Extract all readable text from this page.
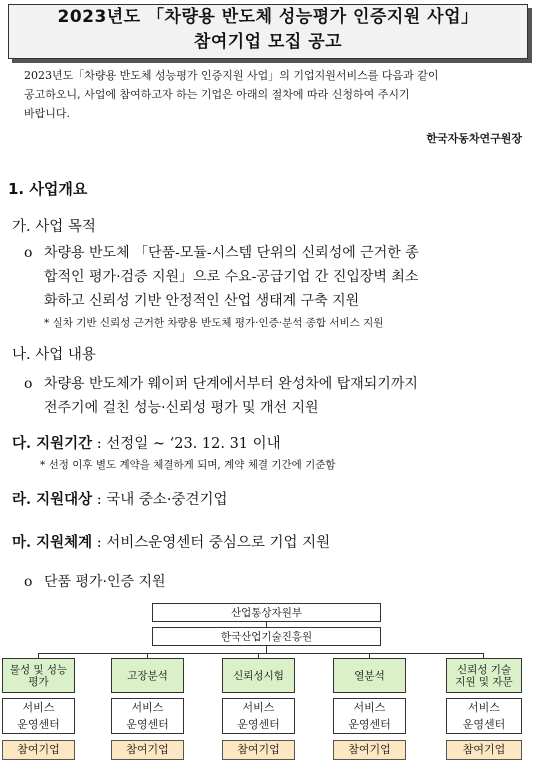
2023년도 「차량용 반도체 성능평가 인증지원 사업」
참여기업 모집 공고
2023년도「차량용 반도체 성능평가 인증지원 사업」의 기업지원서비스를 다음과 같이
공고하오니, 사업에 참여하고자 하는 기업은 아래의 절차에 따라 신청하여 주시기
바랍니다.
한국자동차연구원장
1. 사업개요
가. 사업 목적
o 차량용 반도체 「단품-모듈-시스템 단위의 신뢰성에 근거한 종
합적인 평가·검증 지원」으로 수요-공급기업 간 진입장벽 최소
화하고 신뢰성 기반 안정적인 산업 생태계 구축 지원
* 실차 기반 신뢰성 근거한 차량용 반도체 평가·인증·분석 종합 서비스 지원
나. 사업 내용
o 차량용 반도체가 웨이퍼 단계에서부터 완성차에 탑재되기까지
전주기에 걸친 성능·신뢰성 평가 및 개선 지원
다. 지원기간 : 선정일 ~ ‘23. 12. 31 이내
* 선정 이후 별도 계약을 체결하게 되며, 계약 체결 기간에 기준함
라. 지원대상 : 국내 중소·중견기업
마. 지원체계 : 서비스운영센터 중심으로 기업 지원
o 단품 평가·인증 지원
산업통상자원부
한국산업기술진흥원
물성 및 성능
평가
서비스
운영센터
참여기업
고장분석
서비스
운영센터
참여기업
신뢰성시험
서비스
운영센터
참여기업
열분석
서비스
운영센터
참여기업
신뢰성 기술
지원 및 자문
서비스
운영센터
참여기업
